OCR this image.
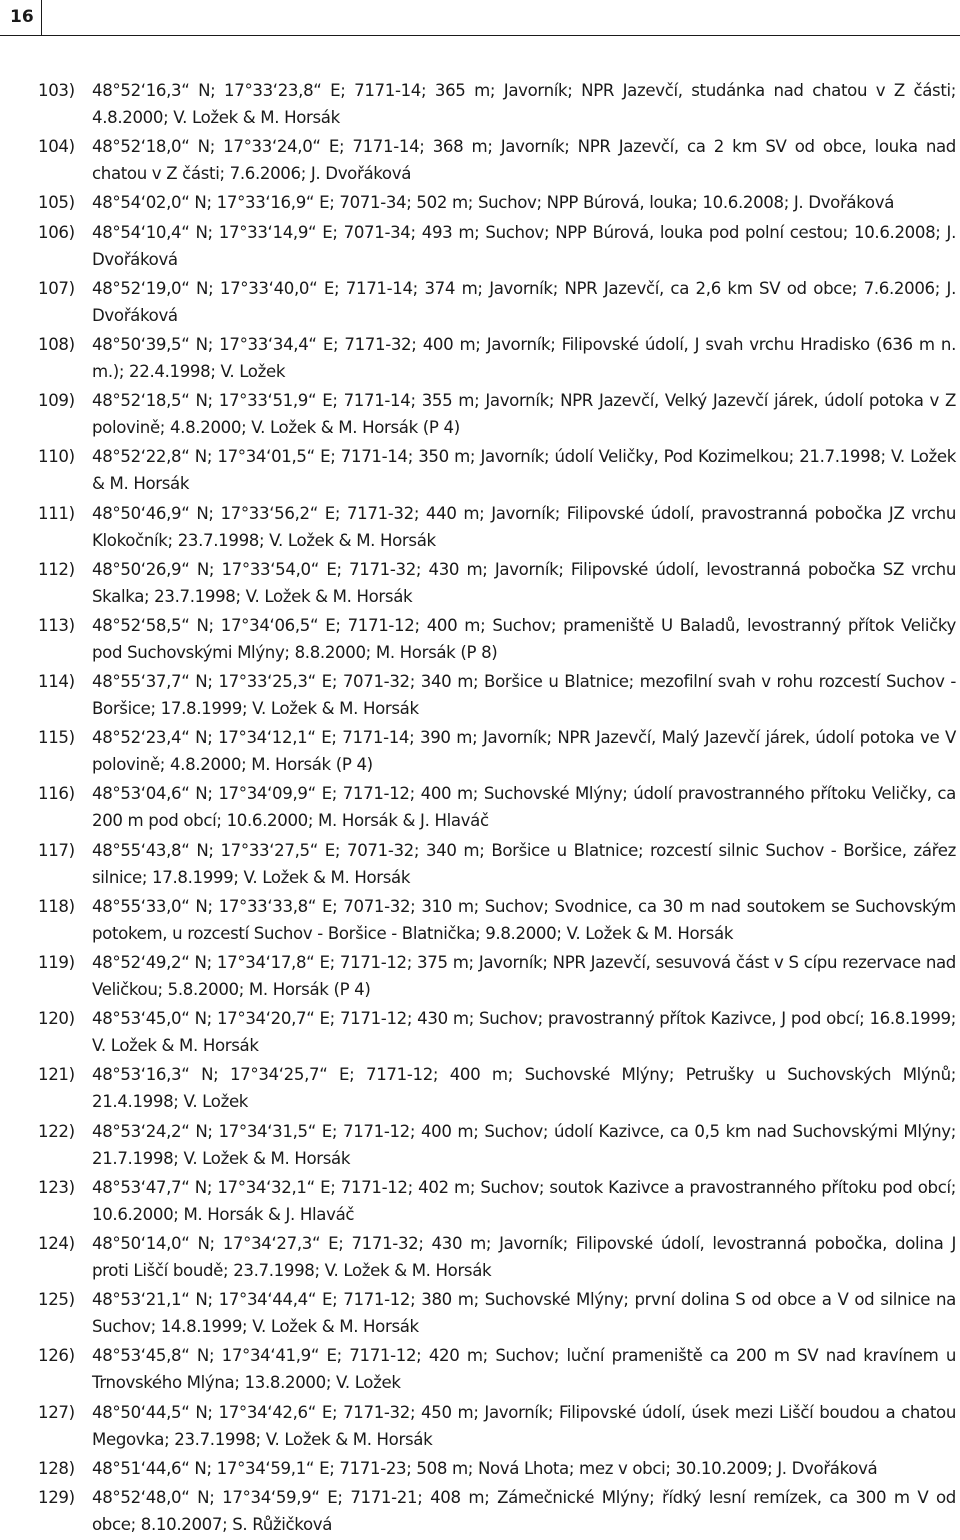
16
103) 48°52‘16,3“ N; 17°33‘23,8“ E; 7171-14; 365 m; Javorník; NPR Jazevčí, studánka nad chatou v Z části; 4.8.2000; V. Ložek & M. Horsák
104) 48°52‘18,0“ N; 17°33‘24,0“ E; 7171-14; 368 m; Javorník; NPR Jazevčí, ca 2 km SV od obce, louka nad chatou v Z části; 7.6.2006; J. Dvořáková
105) 48°54‘02,0“ N; 17°33‘16,9“ E; 7071-34; 502 m; Suchov; NPP Búrová, louka; 10.6.2008; J. Dvořáková
106) 48°54‘10,4“ N; 17°33‘14,9“ E; 7071-34; 493 m; Suchov; NPP Búrová, louka pod polní cestou; 10.6.2008; J. Dvořáková
107) 48°52‘19,0“ N; 17°33‘40,0“ E; 7171-14; 374 m; Javorník; NPR Jazevčí, ca 2,6 km SV od obce; 7.6.2006; J. Dvořáková
108) 48°50‘39,5“ N; 17°33‘34,4“ E; 7171-32; 400 m; Javorník; Filipovské údolí, J svah vrchu Hradisko (636 m n. m.); 22.4.1998; V. Ložek
109) 48°52‘18,5“ N; 17°33‘51,9“ E; 7171-14; 355 m; Javorník; NPR Jazevčí, Velký Jazevčí járek, údolí potoka v Z polovině; 4.8.2000; V. Ložek & M. Horsák (P 4)
110) 48°52‘22,8“ N; 17°34‘01,5“ E; 7171-14; 350 m; Javorník; údolí Veličky, Pod Kozimelkou; 21.7.1998; V. Ložek & M. Horsák
111) 48°50‘46,9“ N; 17°33‘56,2“ E; 7171-32; 440 m; Javorník; Filipovské údolí, pravostranná pobočka JZ vrchu Klokočník; 23.7.1998; V. Ložek & M. Horsák
112) 48°50‘26,9“ N; 17°33‘54,0“ E; 7171-32; 430 m; Javorník; Filipovské údolí, levostranná pobočka SZ vrchu Skalka; 23.7.1998; V. Ložek & M. Horsák
113) 48°52‘58,5“ N; 17°34‘06,5“ E; 7171-12; 400 m; Suchov; prameniště U Baladů, levostranný přítok Veličky pod Suchovskými Mlýny; 8.8.2000; M. Horsák (P 8)
114) 48°55‘37,7“ N; 17°33‘25,3“ E; 7071-32; 340 m; Boršice u Blatnice; mezofilní svah v rohu rozcestí Suchov - Boršice; 17.8.1999; V. Ložek & M. Horsák
115) 48°52‘23,4“ N; 17°34‘12,1“ E; 7171-14; 390 m; Javorník; NPR Jazevčí, Malý Jazevčí járek, údolí potoka ve V polovině; 4.8.2000; M. Horsák (P 4)
116) 48°53‘04,6“ N; 17°34‘09,9“ E; 7171-12; 400 m; Suchovské Mlýny; údolí pravostranného přítoku Veličky, ca 200 m pod obcí; 10.6.2000; M. Horsák & J. Hlaváč
117) 48°55‘43,8“ N; 17°33‘27,5“ E; 7071-32; 340 m; Boršice u Blatnice; rozcestí silnic Suchov - Boršice, zářez silnice; 17.8.1999; V. Ložek & M. Horsák
118) 48°55‘33,0“ N; 17°33‘33,8“ E; 7071-32; 310 m; Suchov; Svodnice, ca 30 m nad soutokem se Suchovským potokem, u rozcestí Suchov - Boršice - Blatnička; 9.8.2000; V. Ložek & M. Horsák
119) 48°52‘49,2“ N; 17°34‘17,8“ E; 7171-12; 375 m; Javorník; NPR Jazevčí, sesuvová část v S cípu rezervace nad Veličkou; 5.8.2000; M. Horsák (P 4)
120) 48°53‘45,0“ N; 17°34‘20,7“ E; 7171-12; 430 m; Suchov; pravostranný přítok Kazivce, J pod obcí; 16.8.1999; V. Ložek & M. Horsák
121) 48°53‘16,3“ N; 17°34‘25,7“ E; 7171-12; 400 m; Suchovské Mlýny; Petrušky u Suchovských Mlýnů; 21.4.1998; V. Ložek
122) 48°53‘24,2“ N; 17°34‘31,5“ E; 7171-12; 400 m; Suchov; údolí Kazivce, ca 0,5 km nad Suchovskými Mlýny; 21.7.1998; V. Ložek & M. Horsák
123) 48°53‘47,7“ N; 17°34‘32,1“ E; 7171-12; 402 m; Suchov; soutok Kazivce a pravostranného přítoku pod obcí; 10.6.2000; M. Horsák & J. Hlaváč
124) 48°50‘14,0“ N; 17°34‘27,3“ E; 7171-32; 430 m; Javorník; Filipovské údolí, levostranná pobočka, dolina J proti Liščí boudě; 23.7.1998; V. Ložek & M. Horsák
125) 48°53‘21,1“ N; 17°34‘44,4“ E; 7171-12; 380 m; Suchovské Mlýny; první dolina S od obce a V od silnice na Suchov; 14.8.1999; V. Ložek & M. Horsák
126) 48°53‘45,8“ N; 17°34‘41,9“ E; 7171-12; 420 m; Suchov; luční prameniště ca 200 m SV nad kravínem u Trnovského Mlýna; 13.8.2000; V. Ložek
127) 48°50‘44,5“ N; 17°34‘42,6“ E; 7171-32; 450 m; Javorník; Filipovské údolí, úsek mezi Liščí boudou a chatou Megovka; 23.7.1998; V. Ložek & M. Horsák
128) 48°51‘44,6“ N; 17°34‘59,1“ E; 7171-23; 508 m; Nová Lhota; mez v obci; 30.10.2009; J. Dvořáková
129) 48°52‘48,0“ N; 17°34‘59,9“ E; 7171-21; 408 m; Zámečnické Mlýny; řídký lesní remízek, ca 300 m V od obce; 8.10.2007; S. Růžičková
